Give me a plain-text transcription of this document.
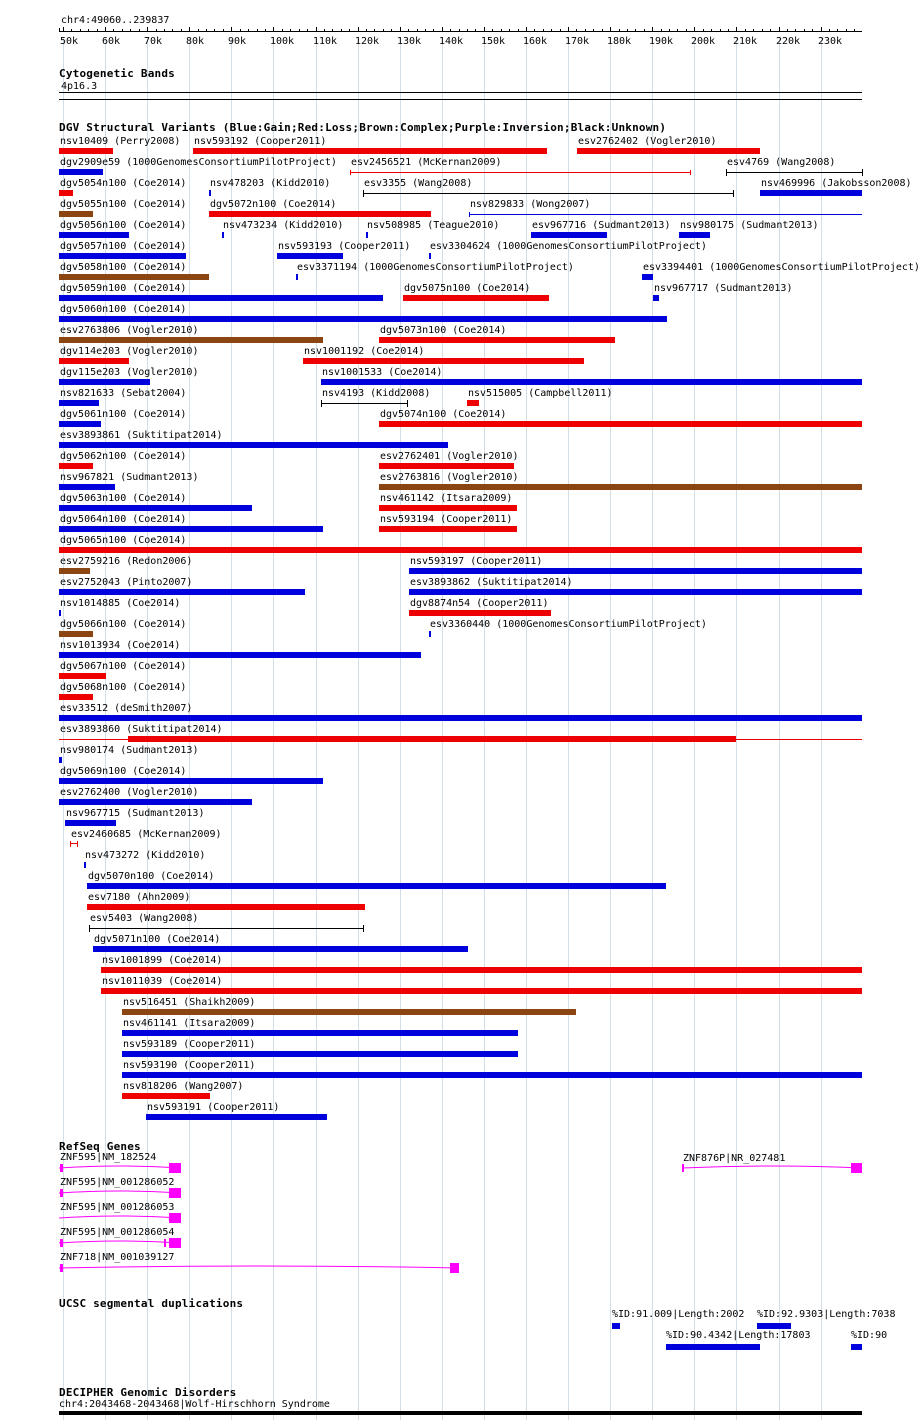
chr4:49060..239837
50k 60k 70k 80k 90k 100k 110k 120k 130k 140k 150k 160k 170k 180k 190k 200k 210k 220k 230k
Cytogenetic Bands
4p16.3
DGV Structural Variants (Blue:Gain;Red:Loss;Brown:Complex;Purple:Inversion;Black:Unknown)
nsv10409 (Perry2008) nsv593192 (Cooper2011)	esv2762402 (Vogler2010)
dgv2909e59 (1000GenomesConsortiumPilotProject) esv2456521 (McKernan2009)	esv4769 (Wang2008)
dgv5054n100 (Coe2014) nsv478203 (Kidd2010)	esv3355 (Wang2008)	nsv469996 (Jakobsson2008)
dgv5055n100 (Coe2014) dgv5072n100 (Coe2014)	nsv829833 (Wong2007)
dgv5056n100 (Coe2014)	nsv473234 (Kidd2010) nsv508985 (Teague2010)	esv967716 (Sudmant2013)
dgv5057n100 (Coe2014)	nsv593193 (Cooper2011) esv3304624 (1000GenomesConsortiumPilotProject)
dgv5058n100 (Coe2014)	esv3371194 (1000GenomesConsortiumPilotProject)	esv3394401 (1000GenomesConsortiumPilotProject)
dgv5059n100 (Coe2014)	dgv5075n100 (Coe2014)	nsv967717 (Sudmant2013)
dgv5060n100 (Coe2014)
nsv980175 (Sudmant2013)
esv2763806 (Vogler2010)	dgv5073n100 (Coe2014)
dgv114e203 (Vogler2010)	nsv1001192 (Coe2014)
dgv115e203 (Vogler2010)	nsv1001533 (Coe2014)
nsv821633 (Sebat2004)	nsv4193 (Kidd2008)	nsv515005 (Campbell2011)
dgv5061n100 (Coe2014)	dgv5074n100 (Coe2014)
esv3893861 (Suktitipat2014)
dgv5062n100 (Coe2014)	esv2762401 (Vogler2010)
nsv967821 (Sudmant2013)	esv2763816 (Vogler2010)
dgv5063n100 (Coe2014)	nsv461142 (Itsara2009)
dgv5064n100 (Coe2014)	nsv593194 (Cooper2011)
dgv5065n100 (Coe2014)
esv2759216 (Redon2006)	nsv593197 (Cooper2011)
esv2752043 (Pinto2007)	esv3893862 (Suktitipat2014)
nsv1014885 (Coe2014)	dgv8874n54 (Cooper2011)
dgv5066n100 (Coe2014)	esv3360440 (1000GenomesConsortiumPilotProject)
nsv1013934 (Coe2014)
dgv5067n100 (Coe2014)
dgv5068n100 (Coe2014)
esv33512 (deSmith2007)
esv3893860 (Suktitipat2014)
nsv980174 (Sudmant2013)
dgv5069n100 (Coe2014)
esv2762400 (Vogler2010)
nsv967715 (Sudmant2013)
esv2460685 (McKernan2009)
nsv473272 (Kidd2010)
dgv5070n100 (Coe2014)
esv7180 (Ahn2009)
esv5403 (Wang2008)
dgv5071n100 (Coe2014)
nsv1001899 (Coe2014)
nsv1011039 (Coe2014)
nsv516451 (Shaikh2009)
nsv461141 (Itsara2009)
nsv593189 (Cooper2011)
nsv593190 (Cooper2011)
nsv818206 (Wang2007)
nsv593191 (Cooper2011)
RefSeq Genes
ZNF595|NM_182524	ZNF876P|NR_027481
ZNF595|NM_001286052
ZNF595|NM_001286053
ZNF595|NM_001286054
ZNF718|NM_001039127
UCSC segmental duplications
%ID:91.009|Length:2002 %ID:92.9303|Length:7038
%ID:90.4342|Length:17803	%ID:90
DECIPHER Genomic Disorders
chr4:2043468-2043468|Wolf-Hirschhorn Syndrome
